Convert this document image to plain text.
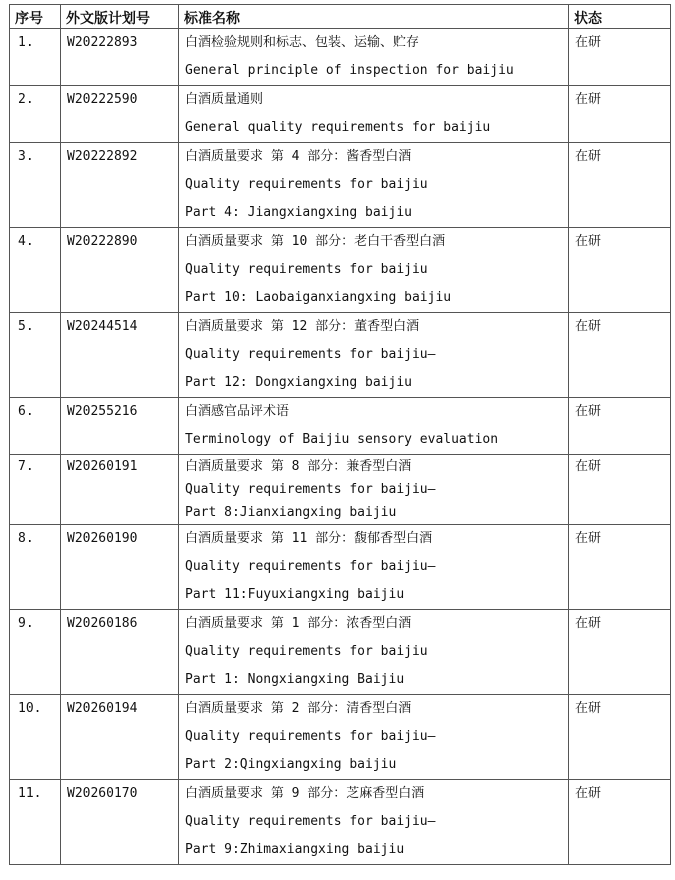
序号	外文版计划号	标准名称	状态

1.	W20222893	白酒检验规则和标志、包装、运输、贮存
General principle of inspection for baijiu	在研

2.	W20222590	白酒质量通则
General quality requirements for baijiu	在研

3.	W20222892	白酒质量要求 第 4 部分：酱香型白酒
Quality requirements for baijiu
Part 4: Jiangxiangxing baijiu	在研

4.	W20222890	白酒质量要求 第 10 部分：老白干香型白酒
Quality requirements for baijiu
Part 10: Laobaiganxiangxing baijiu	在研

5.	W20244514	白酒质量要求 第 12 部分：董香型白酒
Quality requirements for baijiu—
Part 12: Dongxiangxing baijiu	在研

6.	W20255216	白酒感官品评术语
Terminology of Baijiu sensory evaluation	在研

7.	W20260191	白酒质量要求 第 8 部分：兼香型白酒
Quality requirements for baijiu—
Part 8:Jianxiangxing baijiu	在研

8.	W20260190	白酒质量要求 第 11 部分：馥郁香型白酒
Quality requirements for baijiu—
Part 11:Fuyuxiangxing baijiu	在研

9.	W20260186	白酒质量要求 第 1 部分：浓香型白酒
Quality requirements for baijiu
Part 1: Nongxiangxing Baijiu	在研

10.	W20260194	白酒质量要求 第 2 部分：清香型白酒
Quality requirements for baijiu—
Part 2:Qingxiangxing baijiu	在研

11.	W20260170	白酒质量要求 第 9 部分：芝麻香型白酒
Quality requirements for baijiu—
Part 9:Zhimaxiangxing baijiu	在研
